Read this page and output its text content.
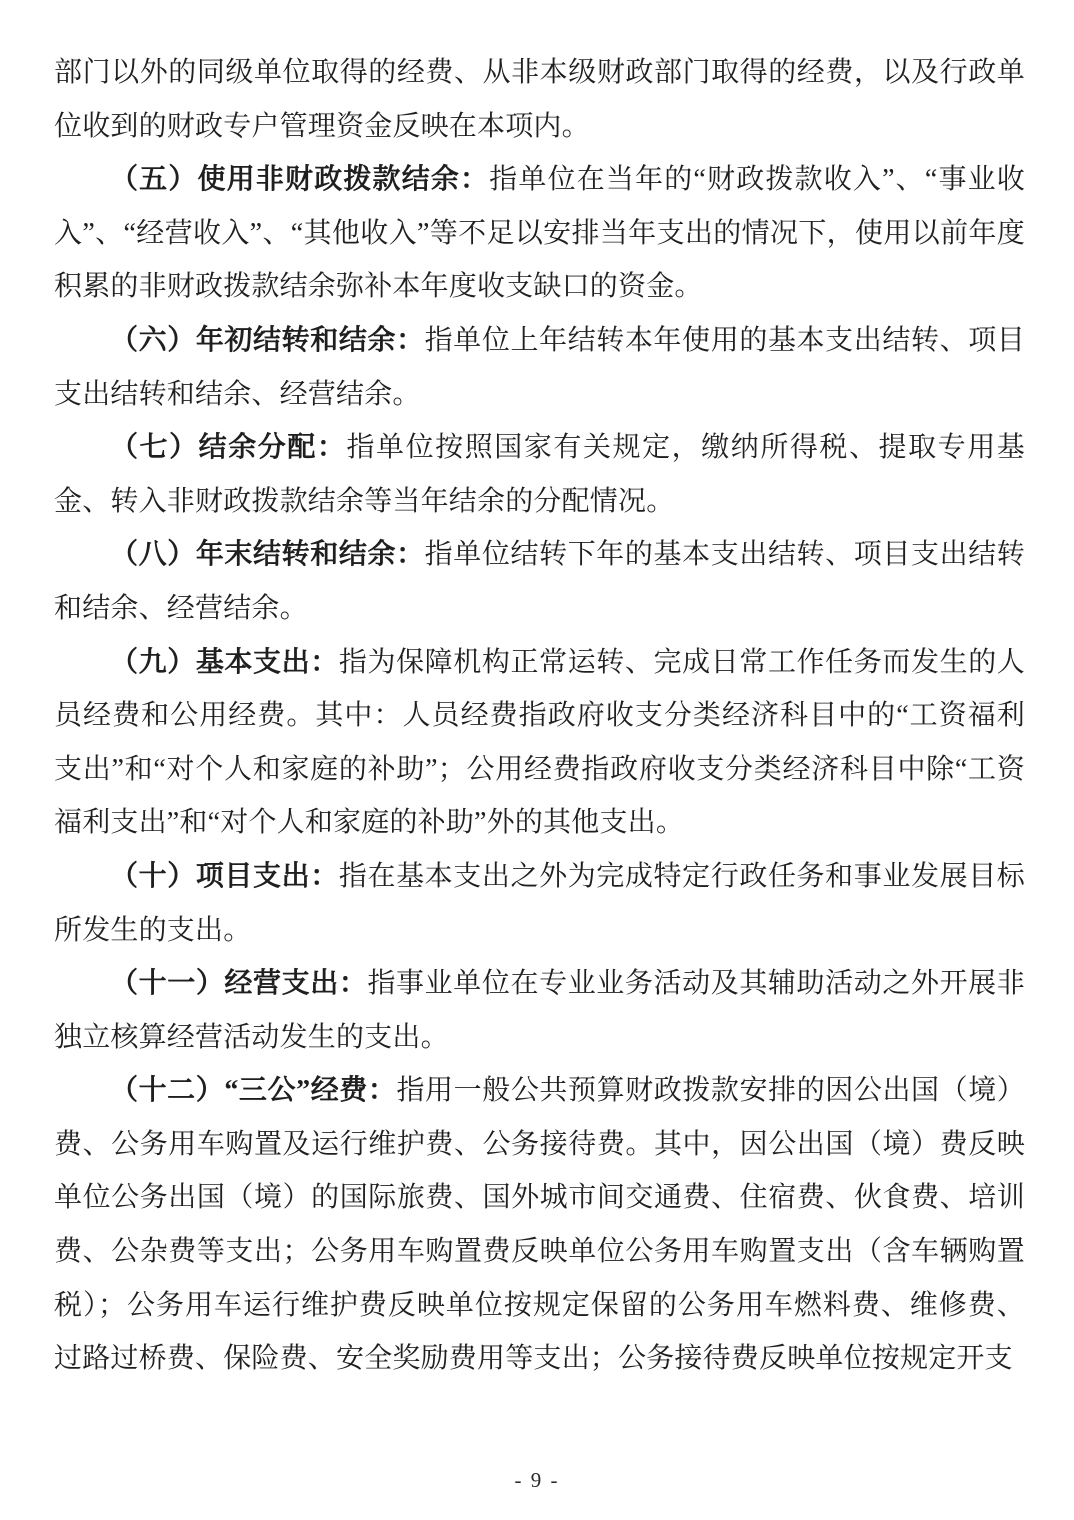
部门以外的同级单位取得的经费、从非本级财政部门取得的经费，以及行政单位收到的财政专户管理资金反映在本项内。

（五）使用非财政拨款结余：指单位在当年的“财政拨款收入”、“事业收入”、“经营收入”、“其他收入”等不足以安排当年支出的情况下，使用以前年度积累的非财政拨款结余弥补本年度收支缺口的资金。

（六）年初结转和结余：指单位上年结转本年使用的基本支出结转、项目支出结转和结余、经营结余。

（七）结余分配：指单位按照国家有关规定，缴纳所得税、提取专用基金、转入非财政拨款结余等当年结余的分配情况。

（八）年末结转和结余：指单位结转下年的基本支出结转、项目支出结转和结余、经营结余。

（九）基本支出：指为保障机构正常运转、完成日常工作任务而发生的人员经费和公用经费。其中：人员经费指政府收支分类经济科目中的“工资福利支出”和“对个人和家庭的补助”；公用经费指政府收支分类经济科目中除“工资福利支出”和“对个人和家庭的补助”外的其他支出。

（十）项目支出：指在基本支出之外为完成特定行政任务和事业发展目标所发生的支出。

（十一）经营支出：指事业单位在专业业务活动及其辅助活动之外开展非独立核算经营活动发生的支出。

（十二）“三公”经费：指用一般公共预算财政拨款安排的因公出国（境）费、公务用车购置及运行维护费、公务接待费。其中，因公出国（境）费反映单位公务出国（境）的国际旅费、国外城市间交通费、住宿费、伙食费、培训费、公杂费等支出；公务用车购置费反映单位公务用车购置支出（含车辆购置税）；公务用车运行维护费反映单位按规定保留的公务用车燃料费、维修费、过路过桥费、保险费、安全奖励费用等支出；公务接待费反映单位按规定开支

- 9 -
